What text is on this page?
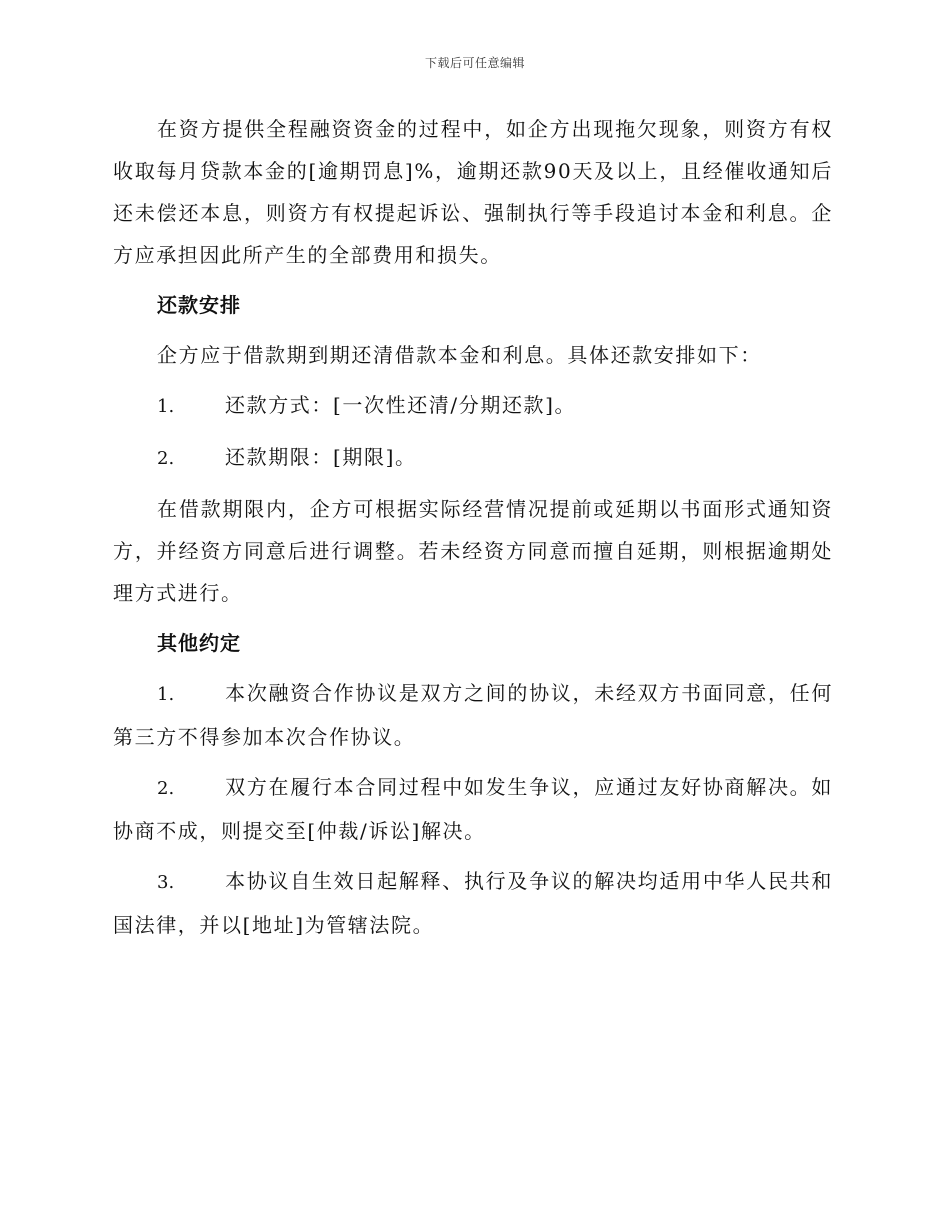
下载后可任意编辑

在资方提供全程融资资金的过程中，如企方出现拖欠现象，则资方有权收取每月贷款本金的[逾期罚息]%，逾期还款90天及以上，且经催收通知后还未偿还本息，则资方有权提起诉讼、强制执行等手段追讨本金和利息。企方应承担因此所产生的全部费用和损失。

还款安排

企方应于借款期到期还清借款本金和利息。具体还款安排如下：

1.	还款方式：[一次性还清/分期还款]。

2.	还款期限：[期限]。

在借款期限内，企方可根据实际经营情况提前或延期以书面形式通知资方，并经资方同意后进行调整。若未经资方同意而擅自延期，则根据逾期处理方式进行。

其他约定

1.	本次融资合作协议是双方之间的协议，未经双方书面同意，任何第三方不得参加本次合作协议。

2.	双方在履行本合同过程中如发生争议，应通过友好协商解决。如协商不成，则提交至[仲裁/诉讼]解决。

3.	本协议自生效日起解释、执行及争议的解决均适用中华人民共和国法律，并以[地址]为管辖法院。
